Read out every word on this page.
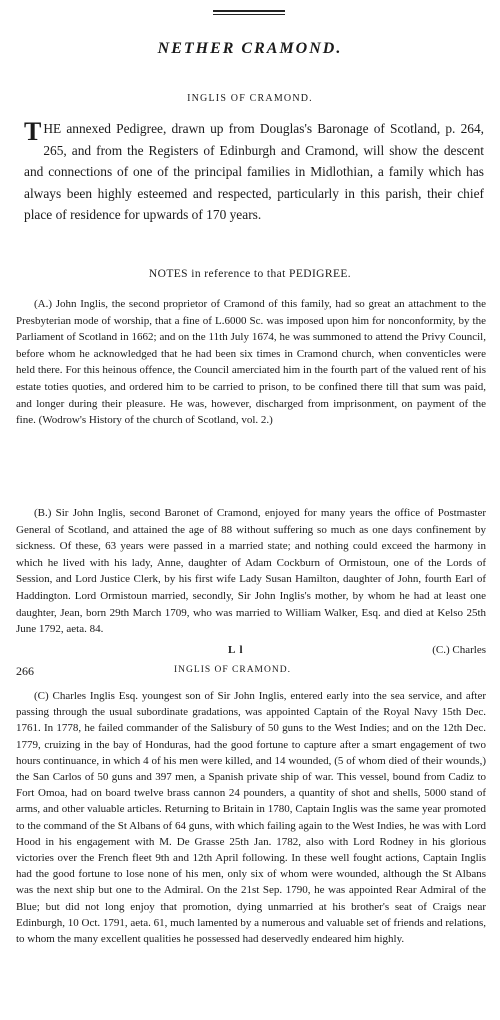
NETHER CRAMOND.
INGLIS OF CRAMOND.
THE annexed Pedigree, drawn up from Douglas's Baronage of Scotland, p. 264, 265, and from the Registers of Edinburgh and Cramond, will show the descent and connections of one of the principal families in Midlothian, a family which has always been highly esteemed and respected, particularly in this parish, their chief place of residence for upwards of 170 years.
NOTES in reference to that PEDIGREE.

(A.) John Inglis, the second proprietor of Cramond of this family, had so great an attachment to the Presbyterian mode of worship, that a fine of L.6000 Sc. was imposed upon him for nonconformity, by the Parliament of Scotland in 1662; and on the 11th July 1674, he was summoned to attend the Privy Council, before whom he acknowledged that he had been six times in Cramond church, when conventicles were held there. For this heinous offence, the Council amerciated him in the fourth part of the valued rent of his estate toties quoties, and ordered him to be carried to prison, to be confined there till that sum was paid, and longer during their pleasure. He was, however, discharged from imprisonment, on payment of the fine. (Wodrow's History of the church of Scotland, vol. 2.)

(B.) Sir John Inglis, second Baronet of Cramond, enjoyed for many years the office of Postmaster General of Scotland, and attained the age of 88 without suffering so much as one days confinement by sickness. Of these, 63 years were passed in a married state; and nothing could exceed the harmony in which he lived with his lady, Anne, daughter of Adam Cockburn of Ormistoun, one of the Lords of Session, and Lord Justice Clerk, by his first wife Lady Susan Hamilton, daughter of John, fourth Earl of Haddington. Lord Ormistoun married, secondly, Sir John Inglis's mother, by whom he had at least one daughter, Jean, born 29th March 1709, who was married to William Walker, Esq. and died at Kelso 25th June 1792, aeta. 84.

L l	(C.) Charles
266	INGLIS OF CRAMOND.

(C) Charles Inglis Esq. youngest son of Sir John Inglis, entered early into the sea service, and after passing through the usual subordinate gradations, was appointed Captain of the Royal Navy 15th Dec. 1761. In 1778, he failed commander of the Salisbury of 50 guns to the West Indies; and on the 12th Dec. 1779, cruizing in the bay of Honduras, had the good fortune to capture after a smart engagement of two hours continuance, in which 4 of his men were killed, and 14 wounded, (5 of whom died of their wounds,) the San Carlos of 50 guns and 397 men, a Spanish private ship of war. This vessel, bound from Cadiz to Fort Omoa, had on board twelve brass cannon 24 pounders, a quantity of shot and shells, 5000 stand of arms, and other valuable articles. Returning to Britain in 1780, Captain Inglis was the same year promoted to the command of the St Albans of 64 guns, with which failing again to the West Indies, he was with Lord Hood in his engagement with M. De Grasse 25th Jan. 1782, also with Lord Rodney in his glorious victories over the French fleet 9th and 12th April following. In these well fought actions, Captain Inglis had the good fortune to lose none of his men, only six of whom were wounded, although the St Albans was the next ship but one to the Admiral. On the 21st Sep. 1790, he was appointed Rear Admiral of the Blue; but did not long enjoy that promotion, dying unmarried at his brother's seat of Craigs near Edinburgh, 10 Oct. 1791, aeta. 61, much lamented by a numerous and valuable set of friends and relations, to whom the many excellent qualities he possessed had deservedly endeared him highly.
